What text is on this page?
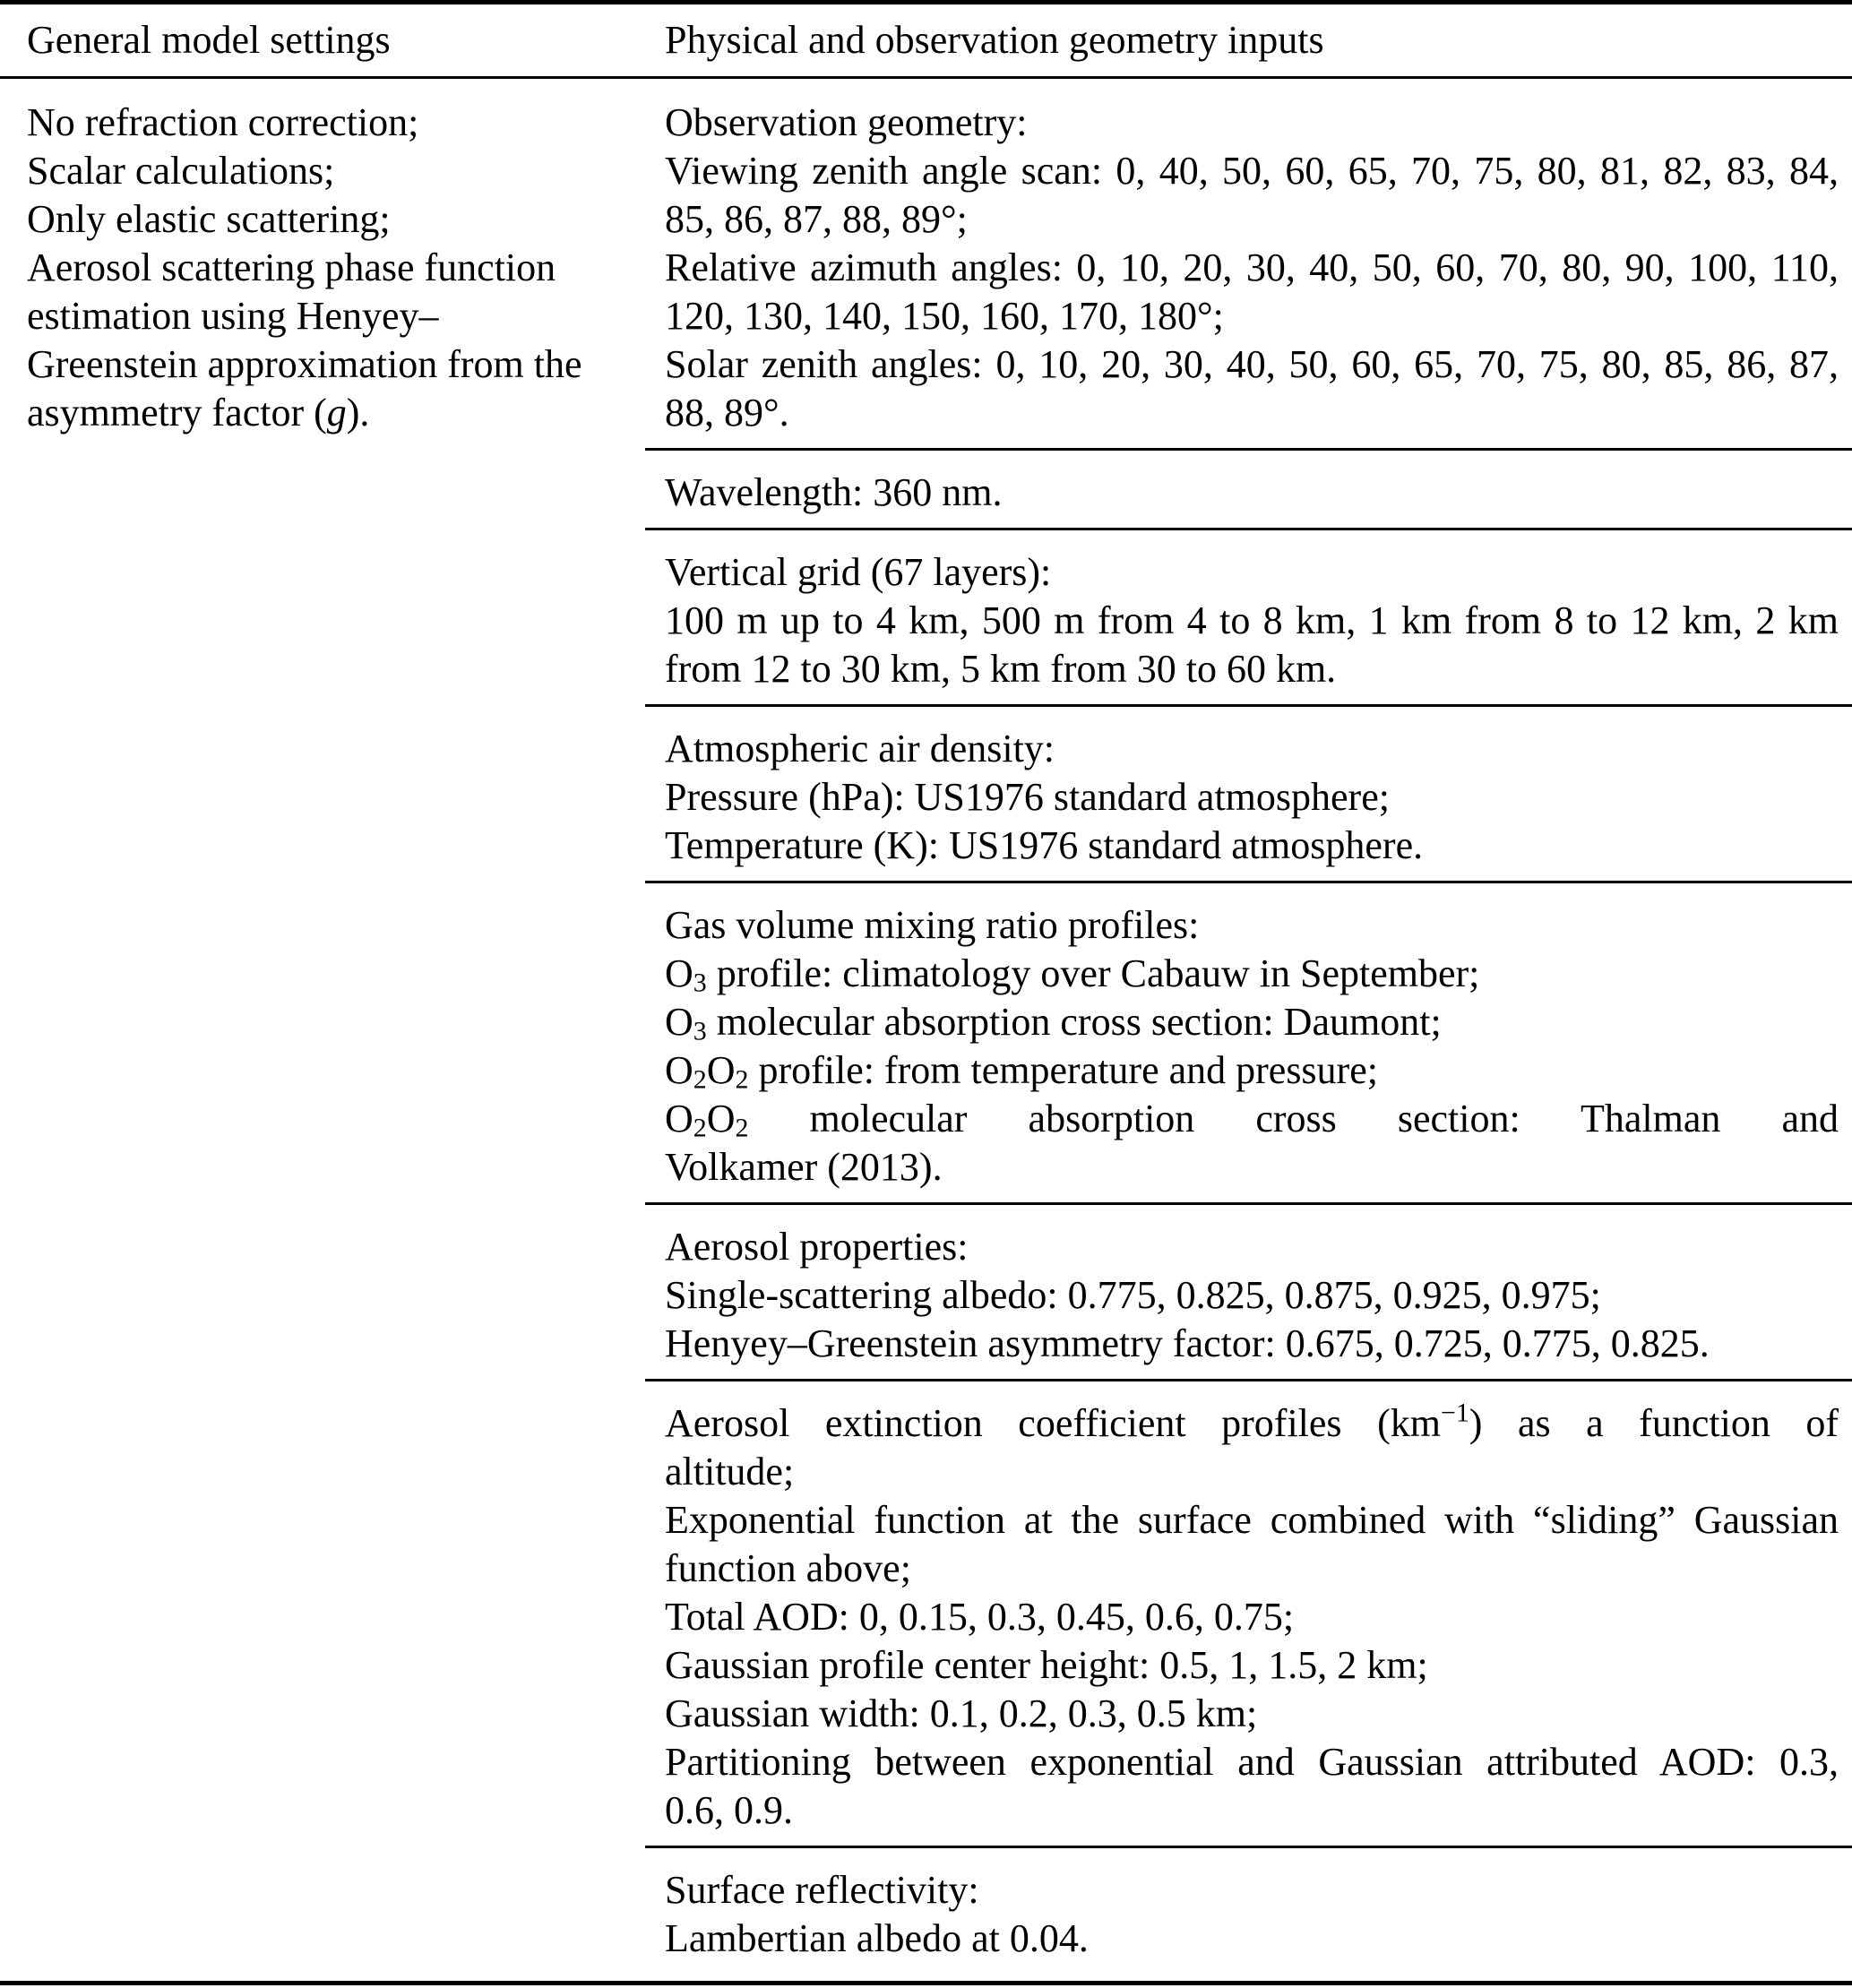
General model settings	Physical and observation geometry inputs
No refraction correction;
Scalar calculations;
Only elastic scattering;
Aerosol scattering phase function
estimation using Henyey–
Greenstein approximation from the
asymmetry factor (g).
Observation geometry:
Viewing zenith angle scan: 0, 40, 50, 60, 65, 70, 75, 80, 81, 82, 83, 84,
85, 86, 87, 88, 89°;
Relative azimuth angles: 0, 10, 20, 30, 40, 50, 60, 70, 80, 90, 100, 110,
120, 130, 140, 150, 160, 170, 180°;
Solar zenith angles: 0, 10, 20, 30, 40, 50, 60, 65, 70, 75, 80, 85, 86, 87,
88, 89°.
Wavelength: 360 nm.
Vertical grid (67 layers):
100 m up to 4 km, 500 m from 4 to 8 km, 1 km from 8 to 12 km, 2 km
from 12 to 30 km, 5 km from 30 to 60 km.
Atmospheric air density:
Pressure (hPa): US1976 standard atmosphere;
Temperature (K): US1976 standard atmosphere.
Gas volume mixing ratio profiles:
$O_3$ profile: climatology over Cabauw in September;
$O_3$ molecular absorption cross section: Daumont;
$O_2O_2$ profile: from temperature and pressure;
$O_2O_2$ molecular absorption cross section: Thalman and
Volkamer (2013).
Aerosol properties:
Single-scattering albedo: 0.775, 0.825, 0.875, 0.925, 0.975;
Henyey–Greenstein asymmetry factor: 0.675, 0.725, 0.775, 0.825.
Aerosol extinction coefficient profiles $(km^{-1})$ as a function of
altitude;
Exponential function at the surface combined with “sliding” Gaussian
function above;
Total AOD: 0, 0.15, 0.3, 0.45, 0.6, 0.75;
Gaussian profile center height: 0.5, 1, 1.5, 2 km;
Gaussian width: 0.1, 0.2, 0.3, 0.5 km;
Partitioning between exponential and Gaussian attributed AOD: 0.3,
0.6, 0.9.
Surface reflectivity:
Lambertian albedo at 0.04.
